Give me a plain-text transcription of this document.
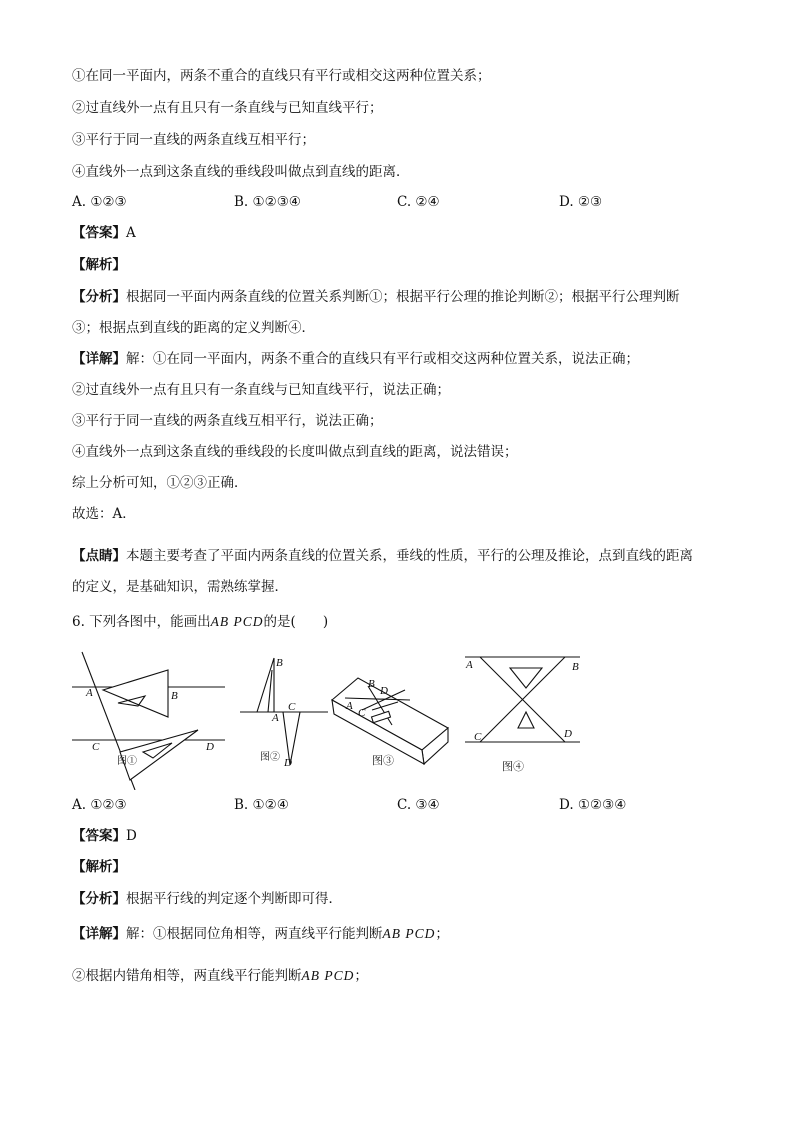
①在同一平面内，两条不重合的直线只有平行或相交这两种位置关系；
②过直线外一点有且只有一条直线与已知直线平行；
③平行于同一直线的两条直线互相平行；
④直线外一点到这条直线的垂线段叫做点到直线的距离．
A. ①②③	B. ①②③④	C. ②④	D. ②③
【答案】A
【解析】
【分析】根据同一平面内两条直线的位置关系判断①；根据平行公理的推论判断②；根据平行公理判断
③；根据点到直线的距离的定义判断④．
【详解】解：①在同一平面内，两条不重合的直线只有平行或相交这两种位置关系，说法正确；
②过直线外一点有且只有一条直线与已知直线平行，说法正确；
③平行于同一直线的两条直线互相平行，说法正确；
④直线外一点到这条直线的垂线段的长度叫做点到直线的距离，说法错误；
综上分析可知，①②③正确．
故选：A．
【点睛】本题主要考查了平面内两条直线的位置关系，垂线的性质，平行的公理及推论，点到直线的距离
的定义，是基础知识，需熟练掌握．
6. 下列各图中，能画出AB PCD的是(　　)
A	B
C	D
图①
B
A
C
D
图②
B
D
A
C
图③
A	B
C	D
图④
A. ①②③	B. ①②④	C. ③④	D. ①②③④
【答案】D
【解析】
【分析】根据平行线的判定逐个判断即可得．
【详解】解：①根据同位角相等，两直线平行能判断AB PCD；
②根据内错角相等，两直线平行能判断AB PCD；
